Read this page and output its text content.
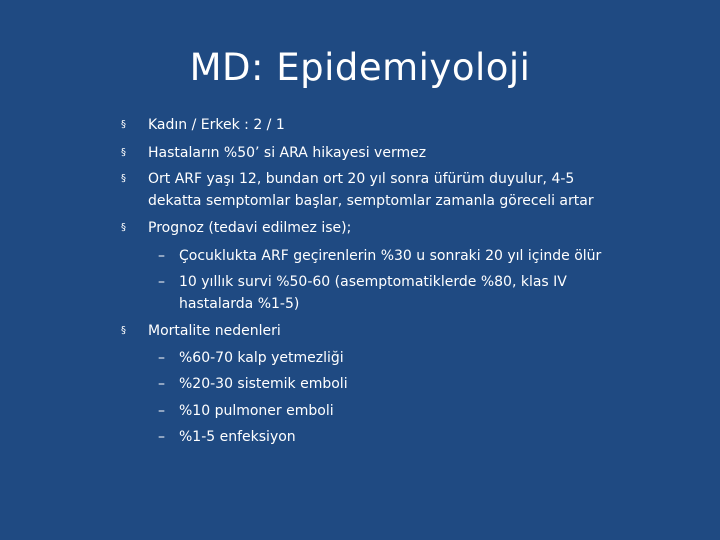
MD: Epidemiyoloji
§ Kadın / Erkek : 2 / 1
§ Hastaların %50’ si ARA hikayesi vermez
§ Ort ARF yaşı 12, bundan ort 20 yıl sonra üfürüm duyulur, 4-5 dekatta semptomlar başlar, semptomlar zamanla göreceli artar
§ Prognoz (tedavi edilmez ise);
– Çocuklukta ARF geçirenlerin %30 u sonraki 20 yıl içinde ölür
– 10 yıllık survi %50-60 (asemptomatiklerde %80, klas IV hastalarda %1-5)
§ Mortalite nedenleri
– %60-70 kalp yetmezliği
– %20-30 sistemik emboli
– %10 pulmoner emboli
– %1-5 enfeksiyon
